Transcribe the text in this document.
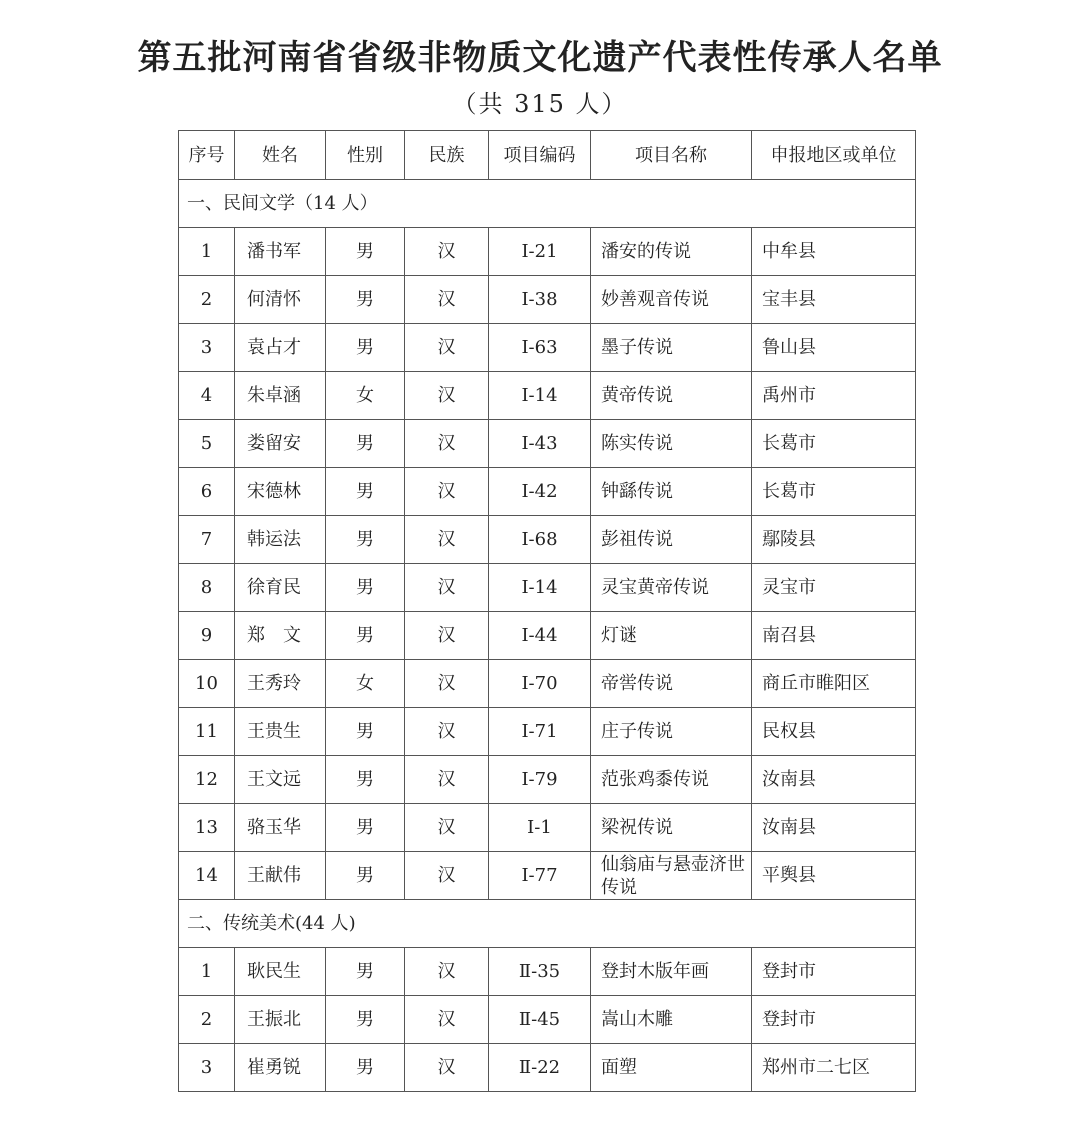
第五批河南省省级非物质文化遗产代表性传承人名单
（共 315 人）
序号	姓名	性别	民族	项目编码	项目名称	申报地区或单位
一、民间文学（14 人）						
1	潘书军	男	汉	Ⅰ-21	潘安的传说	中牟县
2	何清怀	男	汉	Ⅰ-38	妙善观音传说	宝丰县
3	袁占才	男	汉	Ⅰ-63	墨子传说	鲁山县
4	朱卓涵	女	汉	Ⅰ-14	黄帝传说	禹州市
5	娄留安	男	汉	Ⅰ-43	陈实传说	长葛市
6	宋德林	男	汉	Ⅰ-42	钟繇传说	长葛市
7	韩运法	男	汉	Ⅰ-68	彭祖传说	鄢陵县
8	徐育民	男	汉	Ⅰ-14	灵宝黄帝传说	灵宝市
9	郑　文	男	汉	Ⅰ-44	灯谜	南召县
10	王秀玲	女	汉	Ⅰ-70	帝喾传说	商丘市睢阳区
11	王贵生	男	汉	Ⅰ-71	庄子传说	民权县
12	王文远	男	汉	Ⅰ-79	范张鸡黍传说	汝南县
13	骆玉华	男	汉	Ⅰ-1	梁祝传说	汝南县
14	王献伟	男	汉	Ⅰ-77	仙翁庙与悬壶济世传说	平舆县
二、传统美术(44 人)						
1	耿民生	男	汉	Ⅱ-35	登封木版年画	登封市
2	王振北	男	汉	Ⅱ-45	嵩山木雕	登封市
3	崔勇锐	男	汉	Ⅱ-22	面塑	郑州市二七区
